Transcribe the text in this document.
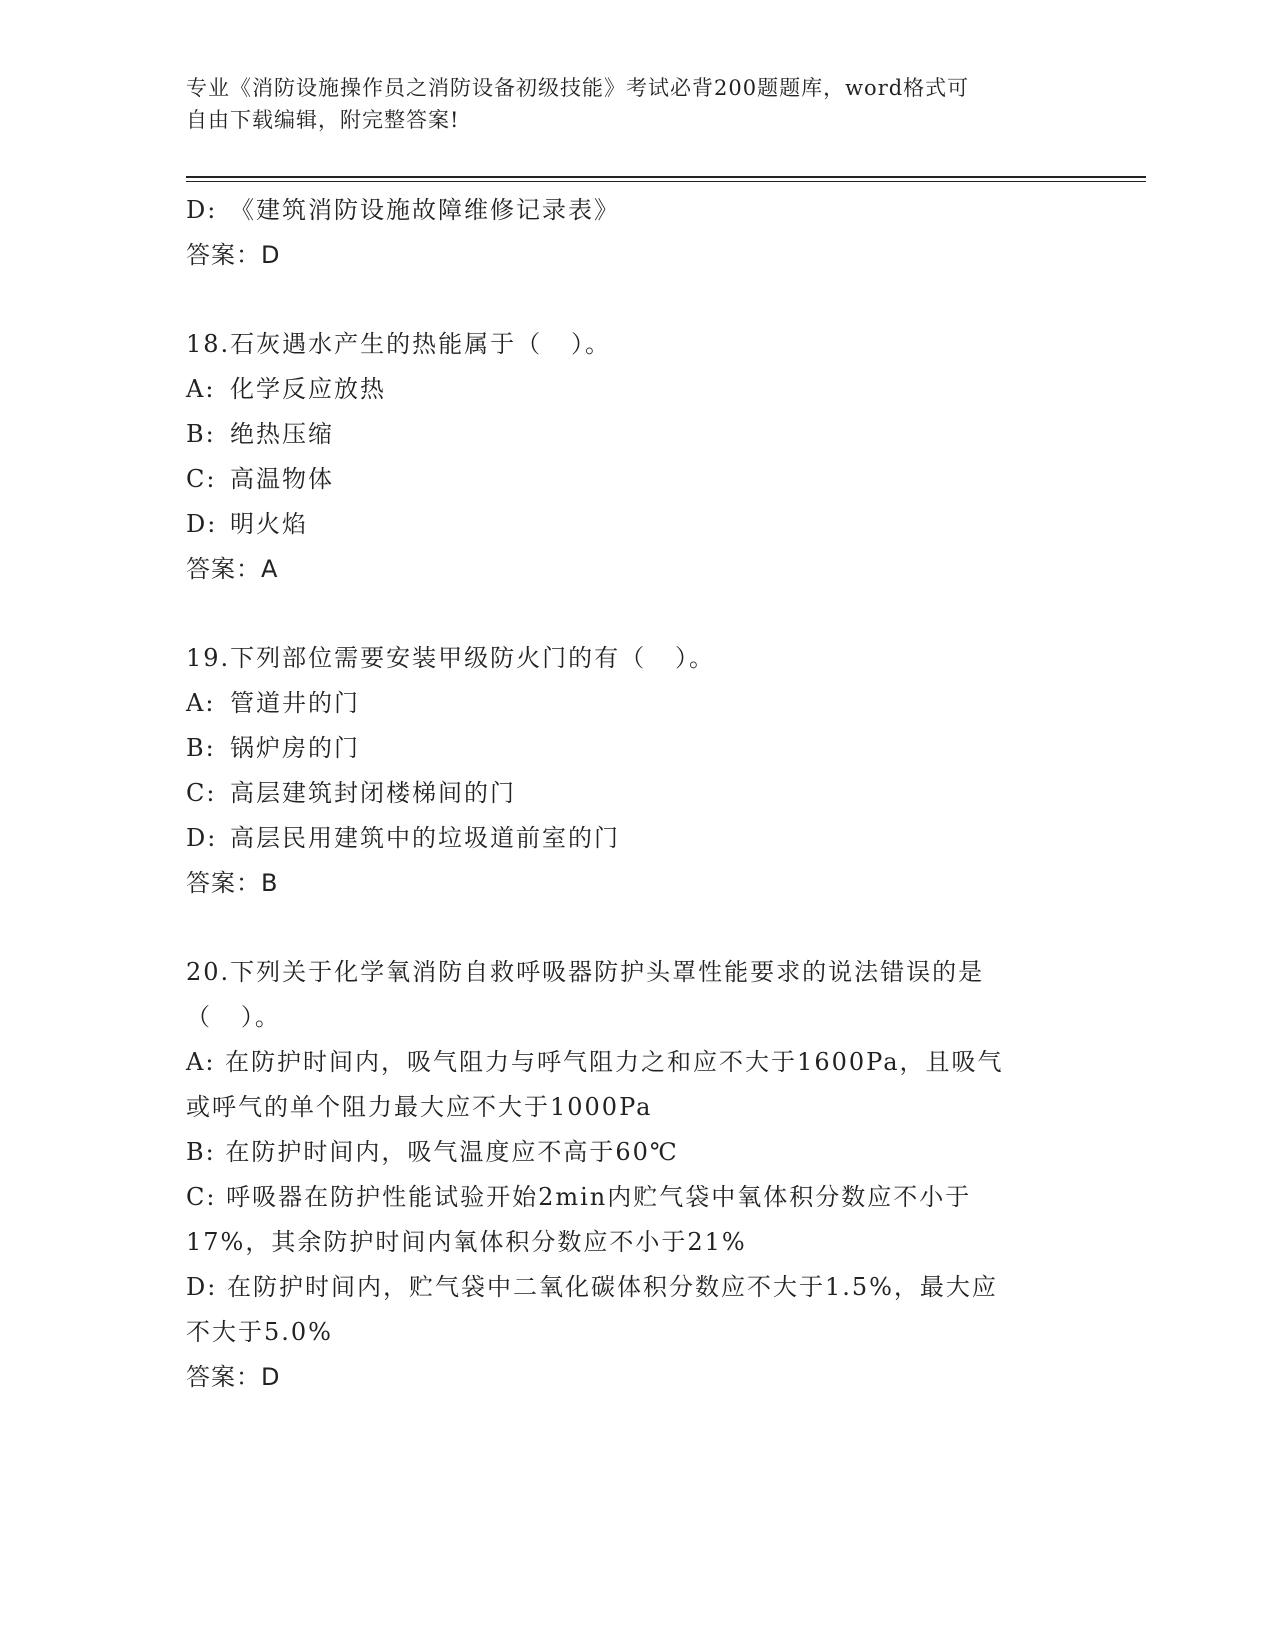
专业《消防设施操作员之消防设备初级技能》考试必背200题题库，word格式可
自由下载编辑，附完整答案!
D: 《建筑消防设施故障维修记录表》
答案：D
18.石灰遇水产生的热能属于（   ）。
A: 化学反应放热
B: 绝热压缩
C: 高温物体
D: 明火焰
答案：A
19.下列部位需要安装甲级防火门的有（   ）。
A: 管道井的门
B: 锅炉房的门
C: 高层建筑封闭楼梯间的门
D: 高层民用建筑中的垃圾道前室的门
答案：B
20.下列关于化学氧消防自救呼吸器防护头罩性能要求的说法错误的是
（   ）。
A: 在防护时间内，吸气阻力与呼气阻力之和应不大于1600Pa，且吸气
或呼气的单个阻力最大应不大于1000Pa
B: 在防护时间内，吸气温度应不高于60℃
C: 呼吸器在防护性能试验开始2min内贮气袋中氧体积分数应不小于
17%，其余防护时间内氧体积分数应不小于21%
D: 在防护时间内，贮气袋中二氧化碳体积分数应不大于1.5%，最大应
不大于5.0%
答案：D
